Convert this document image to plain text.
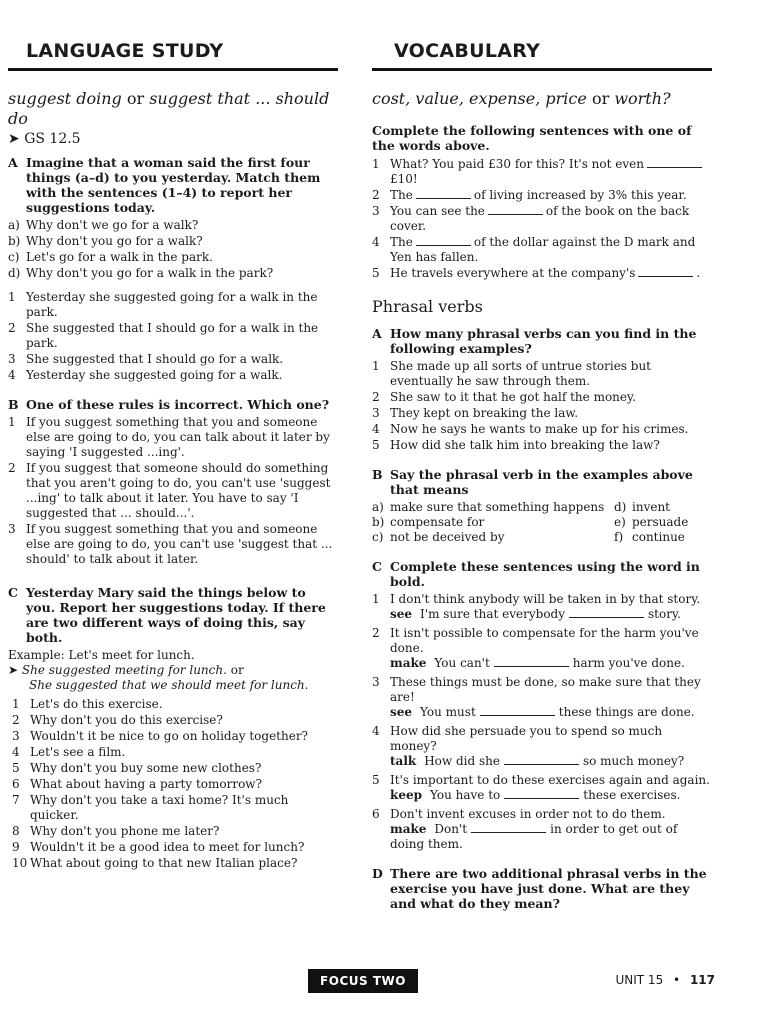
LANGUAGE STUDY
suggest doing or suggest that ... should do
➤ GS 12.5
A Imagine that a woman said the first four things (a–d) to you yesterday. Match them with the sentences (1–4) to report her suggestions today.
a) Why don't we go for a walk?
b) Why don't you go for a walk?
c) Let's go for a walk in the park.
d) Why don't you go for a walk in the park?
1 Yesterday she suggested going for a walk in the park.
2 She suggested that I should go for a walk in the park.
3 She suggested that I should go for a walk.
4 Yesterday she suggested going for a walk.
B One of these rules is incorrect. Which one?
1 If you suggest something that you and someone else are going to do, you can talk about it later by saying 'I suggested ...ing'.
2 If you suggest that someone should do something that you aren't going to do, you can't use 'suggest ...ing' to talk about it later. You have to say 'I suggested that ... should...'.
3 If you suggest something that you and someone else are going to do, you can't use 'suggest that ... should' to talk about it later.
C Yesterday Mary said the things below to you. Report her suggestions today. If there are two different ways of doing this, say both.
Example: Let's meet for lunch.
➤ She suggested meeting for lunch. or
She suggested that we should meet for lunch.
1 Let's do this exercise.
2 Why don't you do this exercise?
3 Wouldn't it be nice to go on holiday together?
4 Let's see a film.
5 Why don't you buy some new clothes?
6 What about having a party tomorrow?
7 Why don't you take a taxi home? It's much quicker.
8 Why don't you phone me later?
9 Wouldn't it be a good idea to meet for lunch?
10 What about going to that new Italian place?
VOCABULARY
cost, value, expense, price or worth?
Complete the following sentences with one of the words above.
1 What? You paid £30 for this? It's not even£10!
2 The	of living increased by 3% this year.
3 You can see the	of the book on the back cover.
4 The	of the dollar against the D mark and Yen has fallen.
5 He travels everywhere at the company's	.
Phrasal verbs
A How many phrasal verbs can you find in the following examples?
1 She made up all sorts of untrue stories but eventually he saw through them.
2 She saw to it that he got half the money.
3 They kept on breaking the law.
4 Now he says he wants to make up for his crimes.
5 How did she talk him into breaking the law?
B Say the phrasal verb in the examples above that means
a) make sure that something happens d) invent
b) compensate for	e) persuade
c) not be deceived by	f) continue
C Complete these sentences using the word in bold.
1 I don't think anybody will be taken in by that story.
see I'm sure that everybody	story.
2 It isn't possible to compensate for the harm you've done.
make You can't	harm you've done.
3 These things must be done, so make sure that they are!
see You must	these things are done.
4 How did she persuade you to spend so much money?
talk How did she	so much money?
5 It's important to do these exercises again and again.
keep You have to	these exercises.
6 Don't invent excuses in order not to do them.
make Don't	in order to get out of doing them.
D There are two additional phrasal verbs in the exercise you have just done. What are they and what do they mean?
FOCUS TWO	UNIT 15 • 117
